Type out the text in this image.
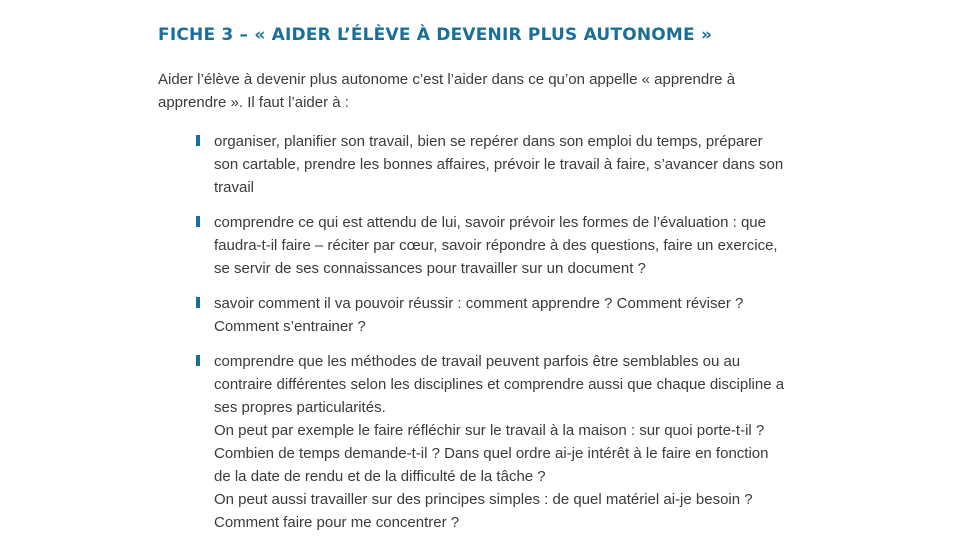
FICHE 3 – « AIDER L’ÉLÈVE À DEVENIR PLUS AUTONOME »

Aider l’élève à devenir plus autonome c’est l’aider dans ce qu’on appelle « apprendre à apprendre ». Il faut l’aider à :

organiser, planifier son travail, bien se repérer dans son emploi du temps, préparer son cartable, prendre les bonnes affaires, prévoir le travail à faire, s’avancer dans son travail
comprendre ce qui est attendu de lui, savoir prévoir les formes de l’évaluation : que faudra-t-il faire – réciter par cœur, savoir répondre à des questions, faire un exercice, se servir de ses connaissances pour travailler sur un document ?
savoir comment il va pouvoir réussir : comment apprendre ? Comment réviser ? Comment s’entrainer ?
comprendre que les méthodes de travail peuvent parfois être semblables ou au contraire différentes selon les disciplines et comprendre aussi que chaque discipline a ses propres particularités.
On peut par exemple le faire réfléchir sur le travail à la maison : sur quoi porte-t-il ? Combien de temps demande-t-il ? Dans quel ordre ai-je intérêt à le faire en fonction de la date de rendu et de la difficulté de la tâche ?
On peut aussi travailler sur des principes simples : de quel matériel ai-je besoin ? Comment faire pour me concentrer ?
